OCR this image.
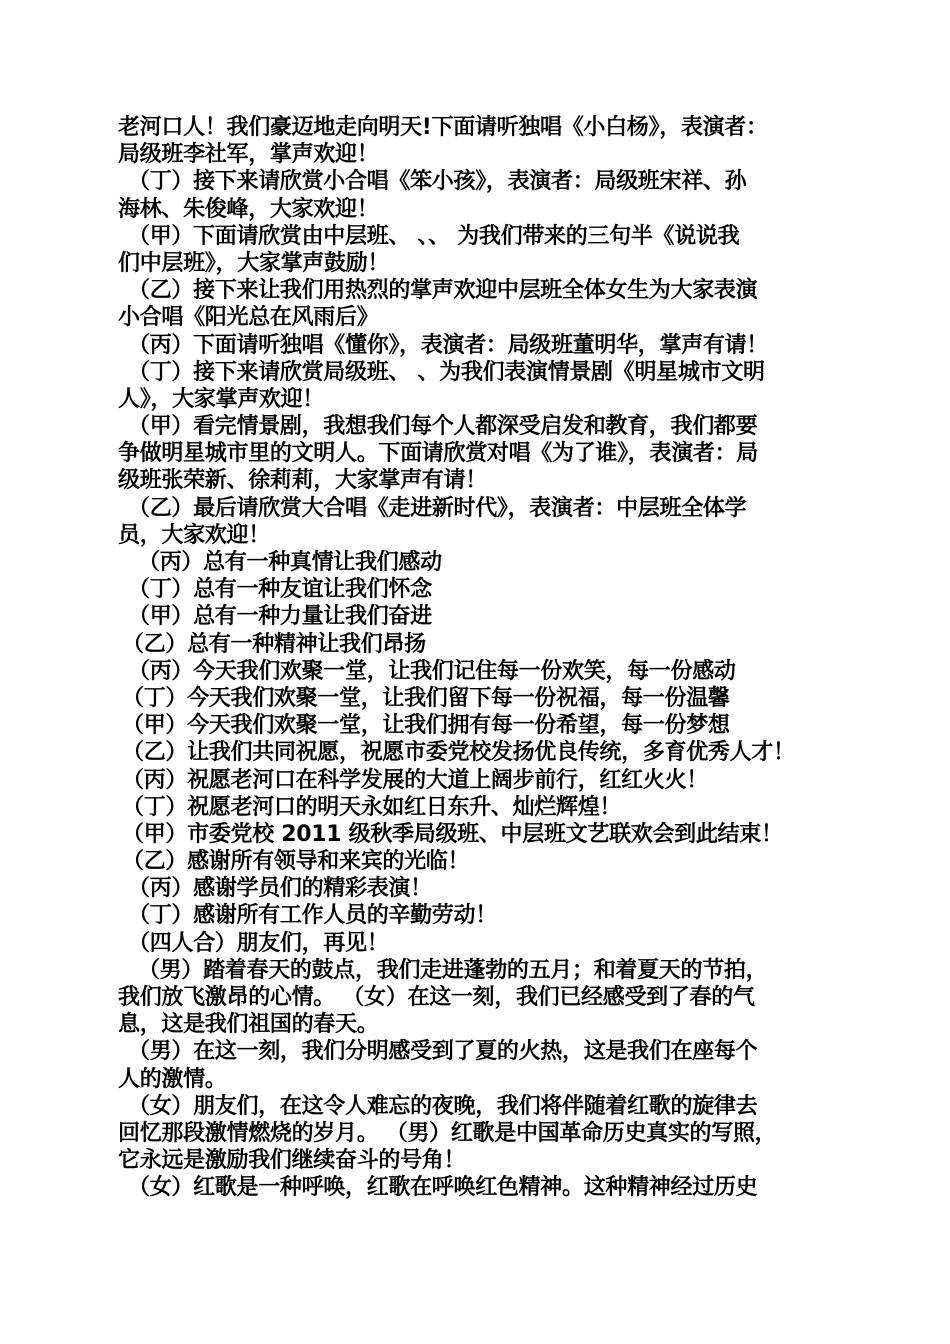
老河口人！我们豪迈地走向明天!下面请听独唱《小白杨》，表演者：
局级班李社军，掌声欢迎！
（丁）接下来请欣赏小合唱《笨小孩》，表演者：局级班宋祥、孙
海林、朱俊峰，大家欢迎！
（甲）下面请欣赏由中层班、 、、 为我们带来的三句半《说说我
们中层班》，大家掌声鼓励！
（乙）接下来让我们用热烈的掌声欢迎中层班全体女生为大家表演
小合唱《阳光总在风雨后》
（丙）下面请听独唱《懂你》，表演者：局级班董明华，掌声有请！
（丁）接下来请欣赏局级班、 、为我们表演情景剧《明星城市文明
人》，大家掌声欢迎！
（甲）看完情景剧，我想我们每个人都深受启发和教育，我们都要
争做明星城市里的文明人。下面请欣赏对唱《为了谁》，表演者：局
级班张荣新、徐莉莉，大家掌声有请！
（乙）最后请欣赏大合唱《走进新时代》，表演者：中层班全体学
员，大家欢迎！
（丙）总有一种真情让我们感动
（丁）总有一种友谊让我们怀念
（甲）总有一种力量让我们奋进
（乙）总有一种精神让我们昂扬
（丙）今天我们欢聚一堂，让我们记住每一份欢笑，每一份感动
（丁）今天我们欢聚一堂，让我们留下每一份祝福，每一份温馨
（甲）今天我们欢聚一堂，让我们拥有每一份希望，每一份梦想
（乙）让我们共同祝愿，祝愿市委党校发扬优良传统，多育优秀人才！
（丙）祝愿老河口在科学发展的大道上阔步前行，红红火火！
（丁）祝愿老河口的明天永如红日东升、灿烂辉煌！
（甲）市委党校 2011 级秋季局级班、中层班文艺联欢会到此结束！
（乙）感谢所有领导和来宾的光临！
（丙）感谢学员们的精彩表演！
（丁）感谢所有工作人员的辛勤劳动！
（四人合）朋友们，再见！
（男）踏着春天的鼓点，我们走进蓬勃的五月；和着夏天的节拍，
我们放飞激昂的心情。 （女）在这一刻，我们已经感受到了春的气
息，这是我们祖国的春天。
（男）在这一刻，我们分明感受到了夏的火热，这是我们在座每个
人的激情。
（女）朋友们，在这令人难忘的夜晚，我们将伴随着红歌的旋律去
回忆那段激情燃烧的岁月。 （男）红歌是中国革命历史真实的写照，
它永远是激励我们继续奋斗的号角！
（女）红歌是一种呼唤，红歌在呼唤红色精神。这种精神经过历史
